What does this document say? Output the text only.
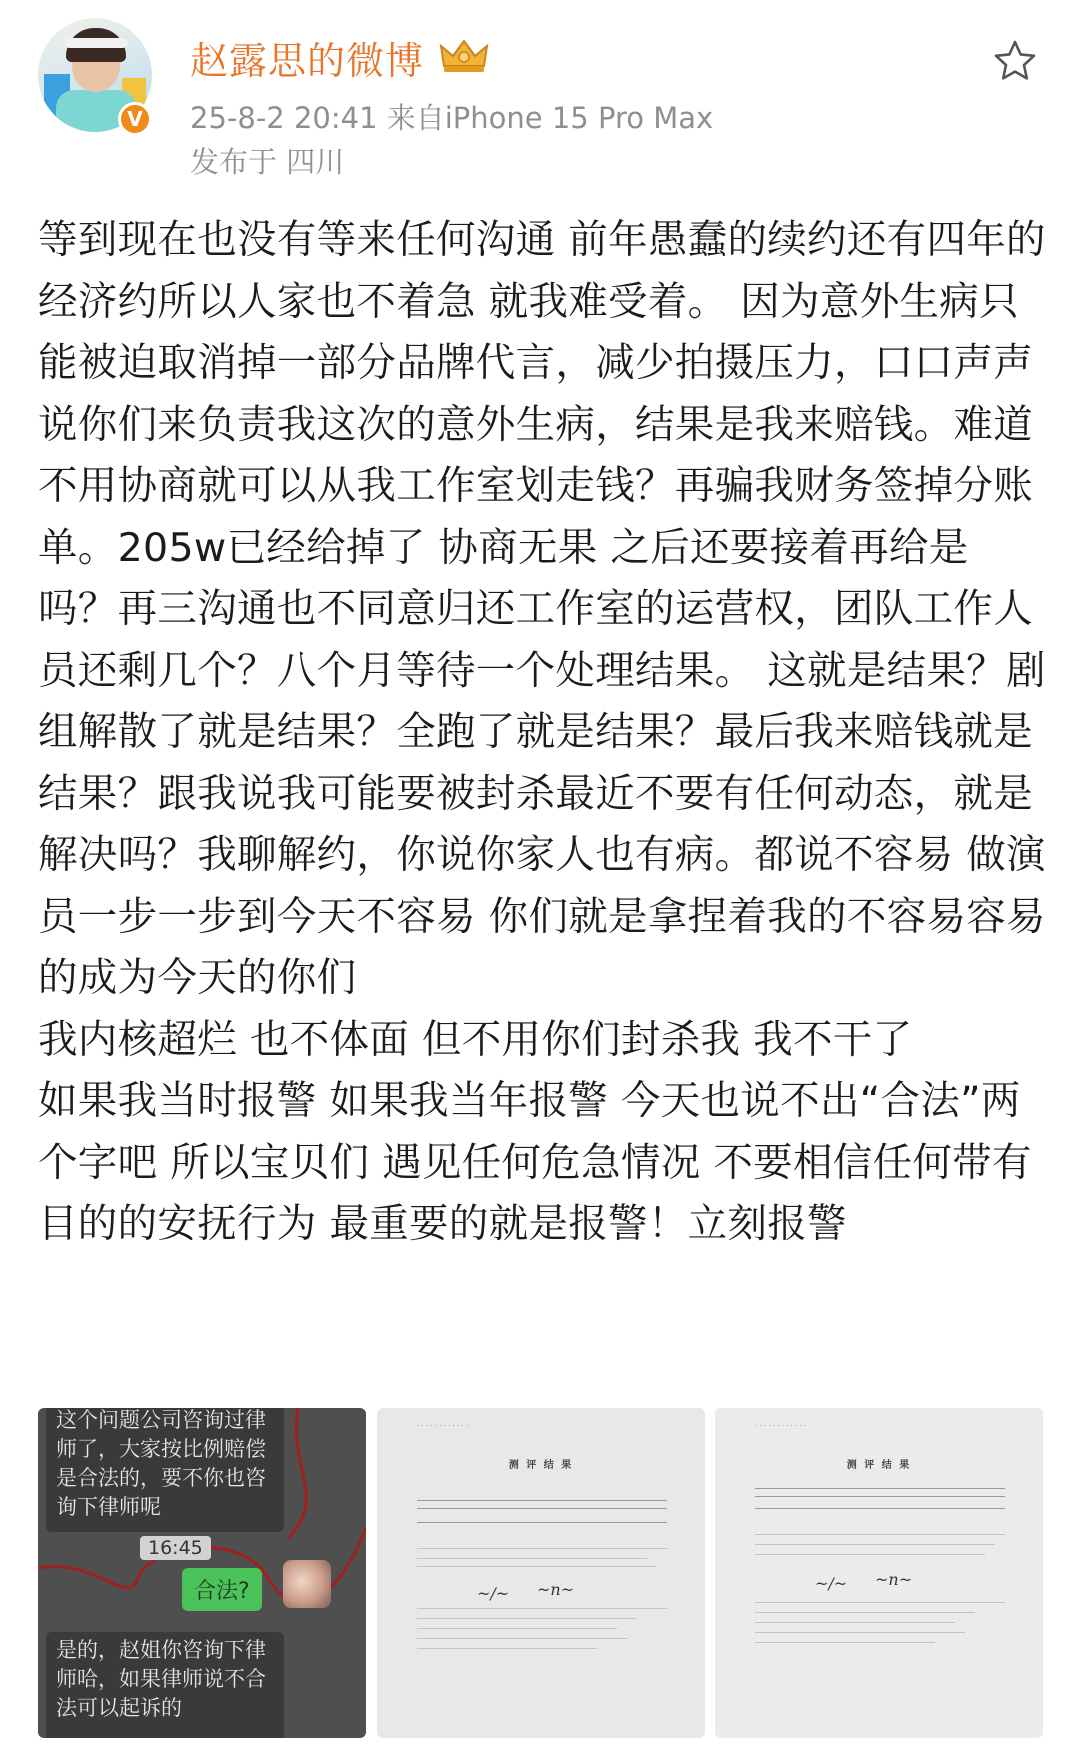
V
赵露思的微博
25-8-2 20:41 来自iPhone 15 Pro Max
发布于 四川

等到现在也没有等来任何沟通 前年愚蠢的续约还有四年的经济约所以人家也不着急 就我难受着。 因为意外生病只能被迫取消掉一部分品牌代言，减少拍摄压力，口口声声说你们来负责我这次的意外生病，结果是我来赔钱。难道不用协商就可以从我工作室划走钱？再骗我财务签掉分账单。205w已经给掉了 协商无果 之后还要接着再给是吗？再三沟通也不同意归还工作室的运营权，团队工作人员还剩几个？八个月等待一个处理结果。 这就是结果？剧组解散了就是结果？全跑了就是结果？最后我来赔钱就是结果？跟我说我可能要被封杀最近不要有任何动态，就是解决吗？我聊解约，你说你家人也有病。都说不容易 做演员一步一步到今天不容易 你们就是拿捏着我的不容易容易的成为今天的你们

我内核超烂 也不体面 但不用你们封杀我 我不干了

如果我当时报警 如果我当年报警 今天也说不出“合法”两个字吧 所以宝贝们 遇见任何危急情况 不要相信任何带有目的的安抚行为 最重要的就是报警！立刻报警

这个问题公司咨询过律师了，大家按比例赔偿是合法的，要不你也咨询下律师呢
16:45
合法?
是的，赵姐你咨询下律师哈，如果律师说不合法可以起诉的
· · · · · · · · · · · ·
测 评 结 果
~/~ ~n~
· · · · · · · · · · · ·
测 评 结 果
~/~ ~n~
